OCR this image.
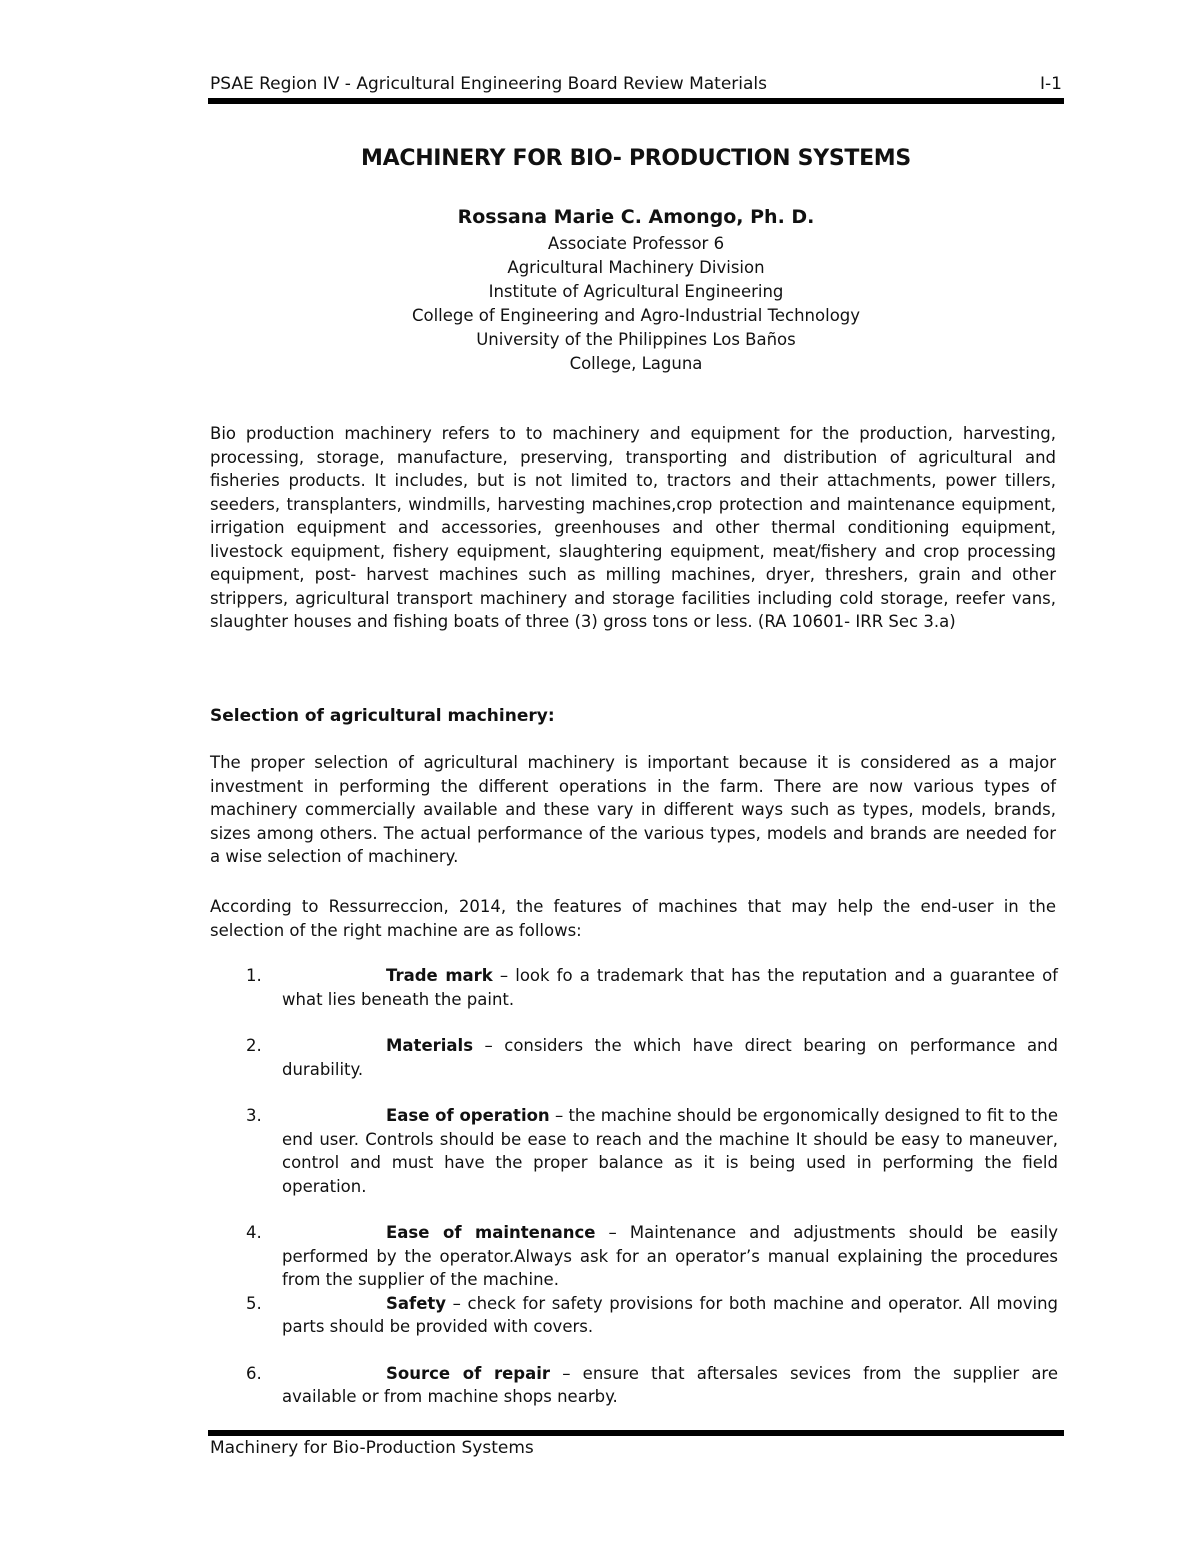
PSAE Region IV - Agricultural Engineering Board Review Materials	I-1
MACHINERY FOR BIO- PRODUCTION SYSTEMS
Rossana Marie C. Amongo, Ph. D.
Associate Professor 6
Agricultural Machinery Division
Institute of Agricultural Engineering
College of Engineering and Agro-Industrial Technology
University of the Philippines Los Baños
College, Laguna

Bio production machinery refers to to machinery and equipment for the production, harvesting, processing, storage, manufacture, preserving, transporting and distribution of agricultural and fisheries products. It includes, but is not limited to, tractors and their attachments, power tillers, seeders, transplanters, windmills, harvesting machines,crop protection and maintenance equipment, irrigation equipment and accessories, greenhouses and other thermal conditioning equipment, livestock equipment, fishery equipment, slaughtering equipment, meat/fishery and crop processing equipment, post- harvest machines such as milling machines, dryer, threshers, grain and other strippers, agricultural transport machinery and storage facilities including cold storage, reefer vans, slaughter houses and fishing boats of three (3) gross tons or less. (RA 10601- IRR Sec 3.a)

Selection of agricultural machinery:

The proper selection of agricultural machinery is important because it is considered as a major investment in performing the different operations in the farm. There are now various types of machinery commercially available and these vary in different ways such as types, models, brands, sizes among others. The actual performance of the various types, models and brands are needed for a wise selection of machinery.

According to Ressurreccion, 2014, the features of machines that may help the end-user in the selection of the right machine are as follows:

1.	Trade mark – look fo a trademark that has the reputation and a guarantee of what lies beneath the paint.
2.	Materials – considers the which have direct bearing on performance and durability.
3.	Ease of operation – the machine should be ergonomically designed to fit to the end user. Controls should be ease to reach and the machine It should be easy to maneuver, control and must have the proper balance as it is being used in performing the field operation.
4.	Ease of maintenance – Maintenance and adjustments should be easily performed by the operator.Always ask for an operator’s manual explaining the procedures from the supplier of the machine.
5.	Safety – check for safety provisions for both machine and operator. All moving parts should be provided with covers.
6.	Source of repair – ensure that aftersales sevices from the supplier are available or from machine shops nearby.
Machinery for Bio-Production Systems
